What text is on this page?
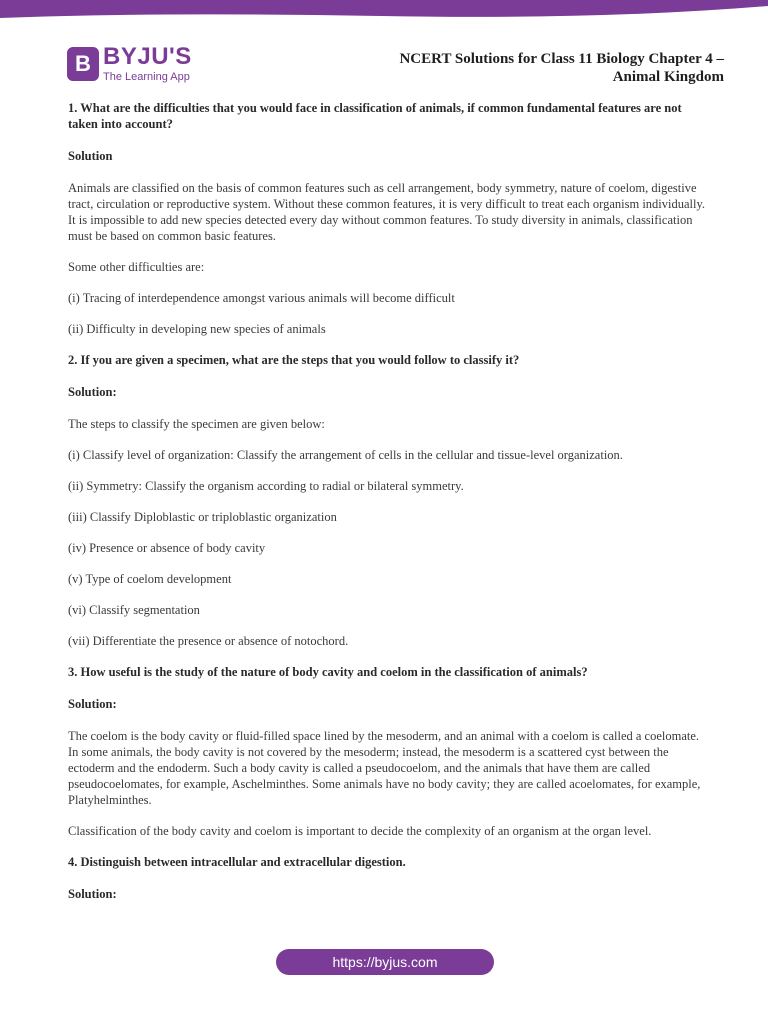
B BYJU'S
The Learning App
NCERT Solutions for Class 11 Biology Chapter 4 –
Animal Kingdom

1. What are the difficulties that you would face in classification of animals, if common fundamental features are not taken into account?

Solution

Animals are classified on the basis of common features such as cell arrangement, body symmetry, nature of coelom, digestive tract, circulation or reproductive system. Without these common features, it is very difficult to treat each organism individually. It is impossible to add new species detected every day without common features. To study diversity in animals, classification must be based on common basic features.

Some other difficulties are:

(i) Tracing of interdependence amongst various animals will become difficult

(ii) Difficulty in developing new species of animals

2. If you are given a specimen, what are the steps that you would follow to classify it?

Solution:

The steps to classify the specimen are given below:

(i) Classify level of organization: Classify the arrangement of cells in the cellular and tissue-level organization.

(ii) Symmetry: Classify the organism according to radial or bilateral symmetry.

(iii) Classify Diploblastic or triploblastic organization

(iv) Presence or absence of body cavity

(v) Type of coelom development

(vi) Classify segmentation

(vii) Differentiate the presence or absence of notochord.

3. How useful is the study of the nature of body cavity and coelom in the classification of animals?

Solution:

The coelom is the body cavity or fluid-filled space lined by the mesoderm, and an animal with a coelom is called a coelomate. In some animals, the body cavity is not covered by the mesoderm; instead, the mesoderm is a scattered cyst between the ectoderm and the endoderm. Such a body cavity is called a pseudocoelom, and the animals that have them are called pseudocoelomates, for example, Aschelminthes. Some animals have no body cavity; they are called acoelomates, for example, Platyhelminthes.

Classification of the body cavity and coelom is important to decide the complexity of an organism at the organ level.

4. Distinguish between intracellular and extracellular digestion.

Solution:

https://byjus.com
